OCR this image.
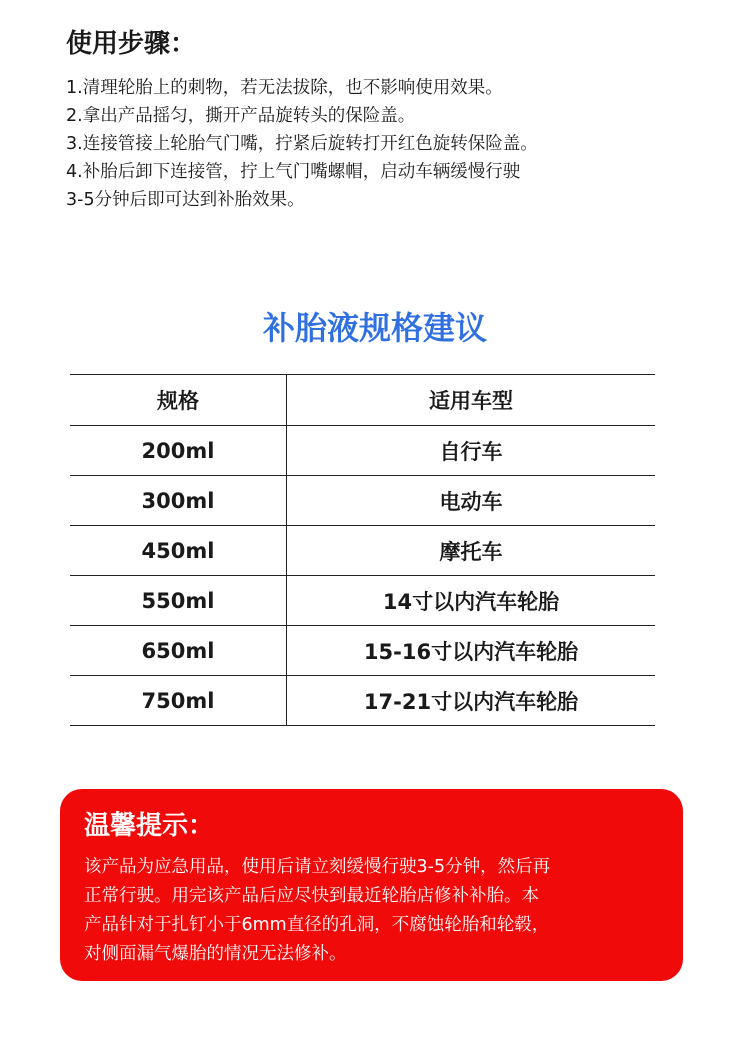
使用步骤：
1.清理轮胎上的刺物，若无法拔除，也不影响使用效果。
2.拿出产品摇匀，撕开产品旋转头的保险盖。
3.连接管接上轮胎气门嘴，拧紧后旋转打开红色旋转保险盖。
4.补胎后卸下连接管，拧上气门嘴螺帽，启动车辆缓慢行驶
3-5分钟后即可达到补胎效果。
补胎液规格建议
规格	适用车型
200ml	自行车
300ml	电动车
450ml	摩托车
550ml	14寸以内汽车轮胎
650ml	15-16寸以内汽车轮胎
750ml	17-21寸以内汽车轮胎
温馨提示：

该产品为应急用品，使用后请立刻缓慢行驶3-5分钟，然后再
正常行驶。用完该产品后应尽快到最近轮胎店修补补胎。本
产品针对于扎钉小于6mm直径的孔洞，不腐蚀轮胎和轮毂，
对侧面漏气爆胎的情况无法修补。
